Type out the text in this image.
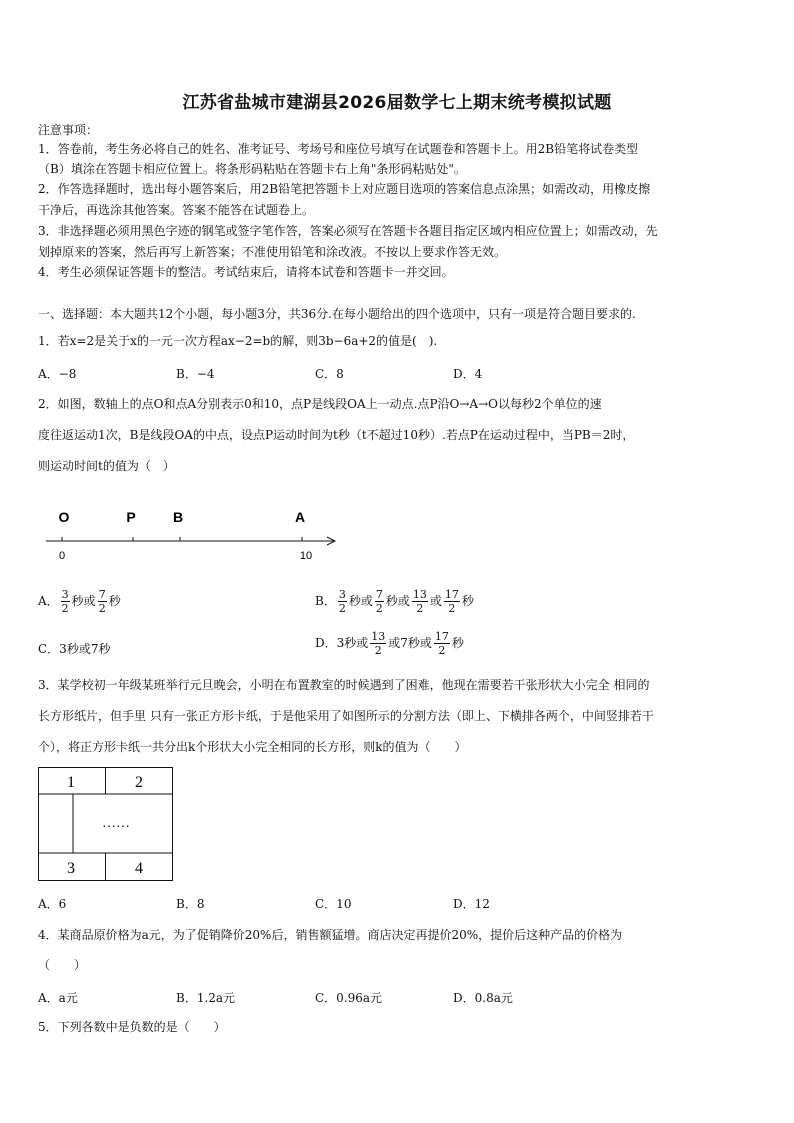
江苏省盐城市建湖县2026届数学七上期末统考模拟试题
注意事项：
1．答卷前，考生务必将自己的姓名、准考证号、考场号和座位号填写在试题卷和答题卡上。用2B铅笔将试卷类型
（B）填涂在答题卡相应位置上。将条形码粘贴在答题卡右上角"条形码粘贴处"。
2．作答选择题时，选出每小题答案后，用2B铅笔把答题卡上对应题目选项的答案信息点涂黑；如需改动，用橡皮擦
干净后，再选涂其他答案。答案不能答在试题卷上。
3．非选择题必须用黑色字迹的钢笔或签字笔作答，答案必须写在答题卡各题目指定区域内相应位置上；如需改动，先
划掉原来的答案，然后再写上新答案；不准使用铅笔和涂改液。不按以上要求作答无效。
4．考生必须保证答题卡的整洁。考试结束后，请将本试卷和答题卡一并交回。
一、选择题：本大题共12个小题，每小题3分，共36分.在每小题给出的四个选项中，只有一项是符合题目要求的.
1．若x=2是关于x的一元一次方程ax−2=b的解，则3b−6a+2的值是(　).
A．−8	B．−4	C．8	D．4
2．如图，数轴上的点O和点A分别表示0和10，点P是线段OA上一动点.点P沿O→A→O以每秒2个单位的速
度往返运动1次，B是线段OA的中点，设点P运动时间为t秒（t不超过10秒）.若点P在运动过程中，当PB＝2时，
则运动时间t的值为（　）
O	P	B	A
0	10
A． $\frac{3}{2}$ 秒或 $\frac{7}{2}$ 秒	B． $\frac{3}{2}$ 秒或 $\frac{7}{2}$ 秒或 $\frac{13}{2}$ 或 $\frac{17}{2}$ 秒
C．3秒或7秒	D．3秒或 $\frac{13}{2}$ 或7秒或 $\frac{17}{2}$ 秒
3．某学校初一年级某班举行元旦晚会，小明在布置教室的时候遇到了困难，他现在需要若干张形状大小完全 相同的
长方形纸片，但手里 只有一张正方形卡纸，于是他采用了如图所示的分割方法（即上、下横排各两个，中间竖排若干
个），将正方形卡纸一共分出k个形状大小完全相同的长方形，则k的值为（　　）
1	2
3	4
……
A．6	B．8	C．10	D．12
4．某商品原价格为a元，为了促销降价20%后，销售额猛增。商店决定再提价20%，提价后这种产品的价格为
（　　）
A．a元	B．1.2a元	C．0.96a元	D．0.8a元
5．下列各数中是负数的是（　　）
